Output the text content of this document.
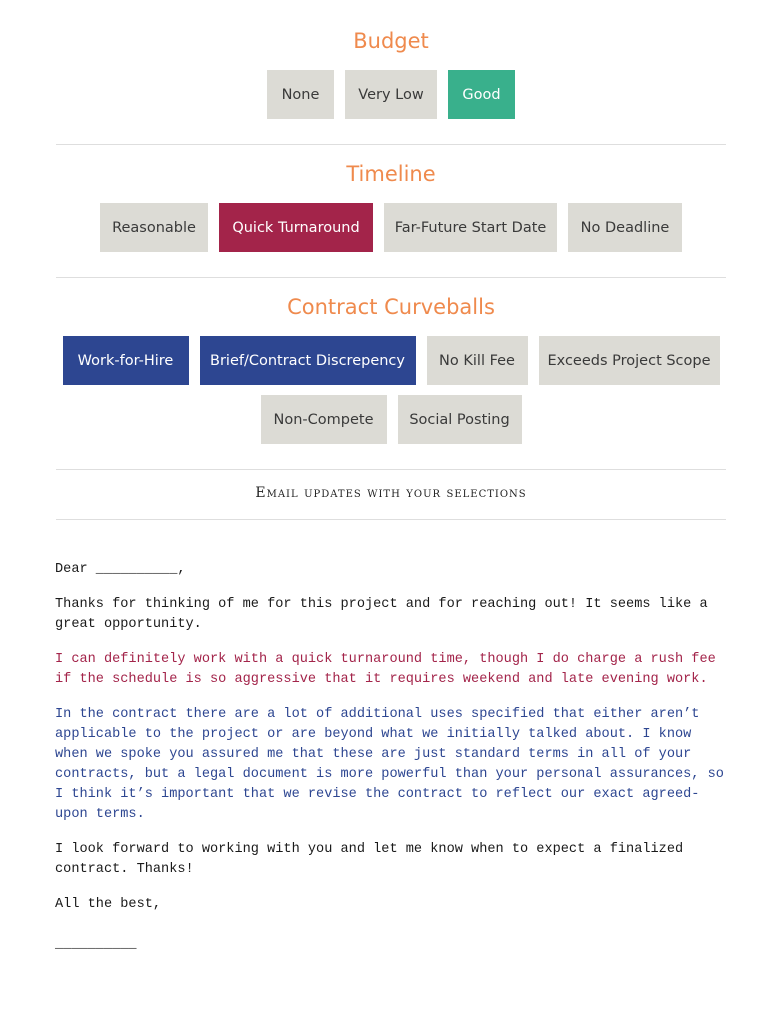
Budget
None	Very Low	Good
Timeline
Reasonable	Quick Turnaround	Far-Future Start Date	No Deadline
Contract Curveballs
Work-for-Hire	Brief/Contract Discrepency	No Kill Fee	Exceeds Project Scope
Non-Compete	Social Posting
Email updates with your selections

Dear __________,

Thanks for thinking of me for this project and for reaching out! It seems like a great opportunity.

I can definitely work with a quick turnaround time, though I do charge a rush fee if the schedule is so aggressive that it requires weekend and late evening work.

In the contract there are a lot of additional uses specified that either aren’t applicable to the project or are beyond what we initially talked about. I know when we spoke you assured me that these are just standard terms in all of your contracts, but a legal document is more powerful than your personal assurances, so I think it’s important that we revise the contract to reflect our exact agreed-upon terms.

I look forward to working with you and let me know when to expect a finalized contract. Thanks!

All the best,

__________
